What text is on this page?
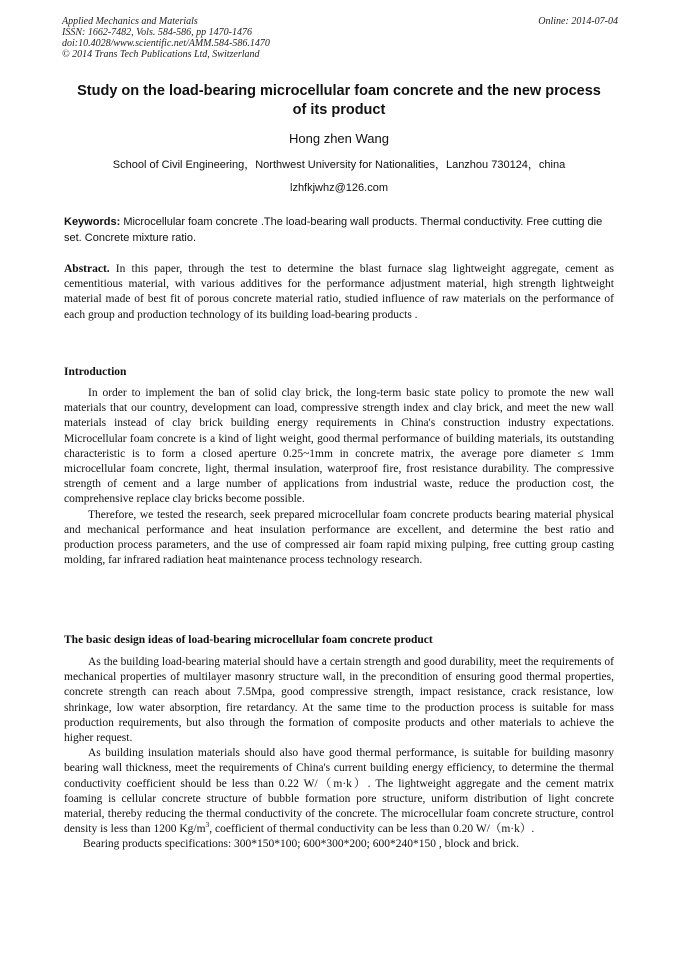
Applied Mechanics and Materials
ISSN: 1662-7482, Vols. 584-586, pp 1470-1476
doi:10.4028/www.scientific.net/AMM.584-586.1470
© 2014 Trans Tech Publications Ltd, Switzerland
Online: 2014-07-04
Study on the load-bearing microcellular foam concrete and the new process of its product
Hong zhen Wang
School of Civil Engineering，Northwest University for Nationalities，Lanzhou 730124，china
lzhfkjwhz@126.com

Keywords: Microcellular foam concrete .The load-bearing wall products. Thermal conductivity. Free cutting die set. Concrete mixture ratio.

Abstract. In this paper, through the test to determine the blast furnace slag lightweight aggregate, cement as cementitious material, with various additives for the performance adjustment material, high strength lightweight material made of best fit of porous concrete material ratio, studied influence of raw materials on the performance of each group and production technology of its building load-bearing products .

Introduction

In order to implement the ban of solid clay brick, the long-term basic state policy to promote the new wall materials that our country, development can load, compressive strength index and clay brick, and meet the new wall materials instead of clay brick building energy requirements in China's construction industry expectations. Microcellular foam concrete is a kind of light weight, good thermal performance of building materials, its outstanding characteristic is to form a closed aperture 0.25~1mm in concrete matrix, the average pore diameter ≤ 1mm microcellular foam concrete, light, thermal insulation, waterproof fire, frost resistance durability. The compressive strength of cement and a large number of applications from industrial waste, reduce the production cost, the comprehensive replace clay bricks become possible.

Therefore, we tested the research, seek prepared microcellular foam concrete products bearing material physical and mechanical performance and heat insulation performance are excellent, and determine the best ratio and production process parameters, and the use of compressed air foam rapid mixing pulping, free cutting group casting molding, far infrared radiation heat maintenance process technology research.

The basic design ideas of load-bearing microcellular foam concrete product

As the building load-bearing material should have a certain strength and good durability, meet the requirements of mechanical properties of multilayer masonry structure wall, in the precondition of ensuring good thermal properties, concrete strength can reach about 7.5Mpa, good compressive strength, impact resistance, crack resistance, low shrinkage, low water absorption, fire retardancy. At the same time to the production process is suitable for mass production requirements, but also through the formation of composite products and other materials to achieve the higher request.

As building insulation materials should also have good thermal performance, is suitable for building masonry bearing wall thickness, meet the requirements of China's current building energy efficiency, to determine the thermal conductivity coefficient should be less than 0.22 W/（m·k）. The lightweight aggregate and the cement matrix foaming is cellular concrete structure of bubble formation pore structure, uniform distribution of light concrete material, thereby reducing the thermal conductivity of the concrete. The microcellular foam concrete structure, control density is less than 1200 $Kg/m^3$, coefficient of thermal conductivity can be less than 0.20 W/（m·k）.

Bearing products specifications: 300*150*100; 600*300*200; 600*240*150 , block and brick.
